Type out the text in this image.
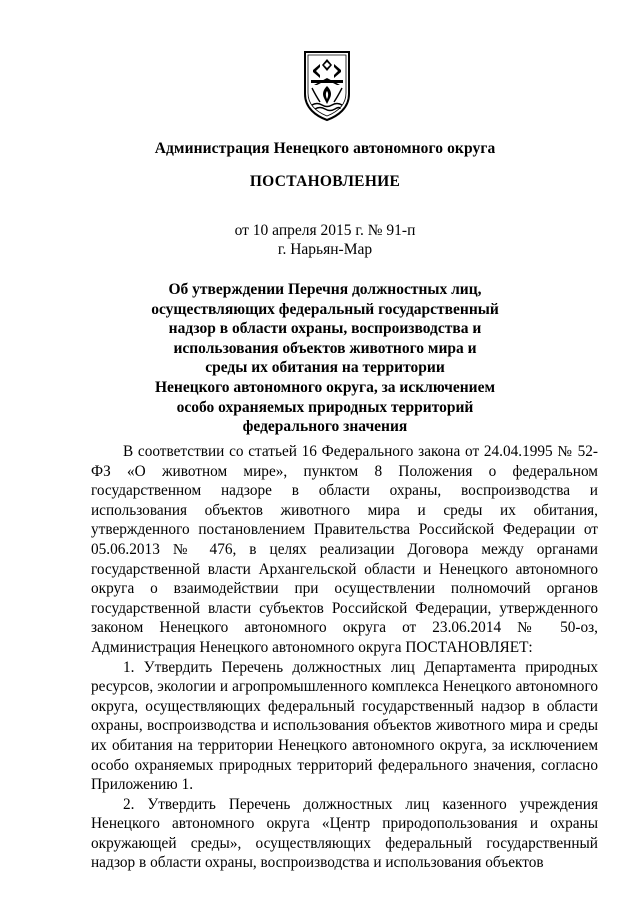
Администрация Ненецкого автономного округа
ПОСТАНОВЛЕНИЕ
от 10 апреля 2015 г. № 91-п
г. Нарьян-Мар
Об утверждении Перечня должностных лиц,
осуществляющих федеральный государственный
надзор в области охраны, воспроизводства и
использования объектов животного мира и
среды их обитания на территории
Ненецкого автономного округа, за исключением
особо охраняемых природных территорий
федерального значения

В соответствии со статьей 16 Федерального закона от 24.04.1995 № 52-ФЗ «О животном мире», пунктом 8 Положения о федеральном государственном надзоре в области охраны, воспроизводства и использования объектов животного мира и среды их обитания, утвержденного постановлением Правительства Российской Федерации от 05.06.2013 № 476, в целях реализации Договора между органами государственной власти Архангельской области и Ненецкого автономного округа о взаимодействии при осуществлении полномочий органов государственной власти субъектов Российской Федерации, утвержденного законом Ненецкого автономного округа от 23.06.2014 № 50-оз, Администрация Ненецкого автономного округа ПОСТАНОВЛЯЕТ:

1. Утвердить Перечень должностных лиц Департамента природных ресурсов, экологии и агропромышленного комплекса Ненецкого автономного округа, осуществляющих федеральный государственный надзор в области охраны, воспроизводства и использования объектов животного мира и среды их обитания на территории Ненецкого автономного округа, за исключением особо охраняемых природных территорий федерального значения, согласно Приложению 1.

2. Утвердить Перечень должностных лиц казенного учреждения Ненецкого автономного округа «Центр природопользования и охраны окружающей среды», осуществляющих федеральный государственный надзор в области охраны, воспроизводства и использования объектов
